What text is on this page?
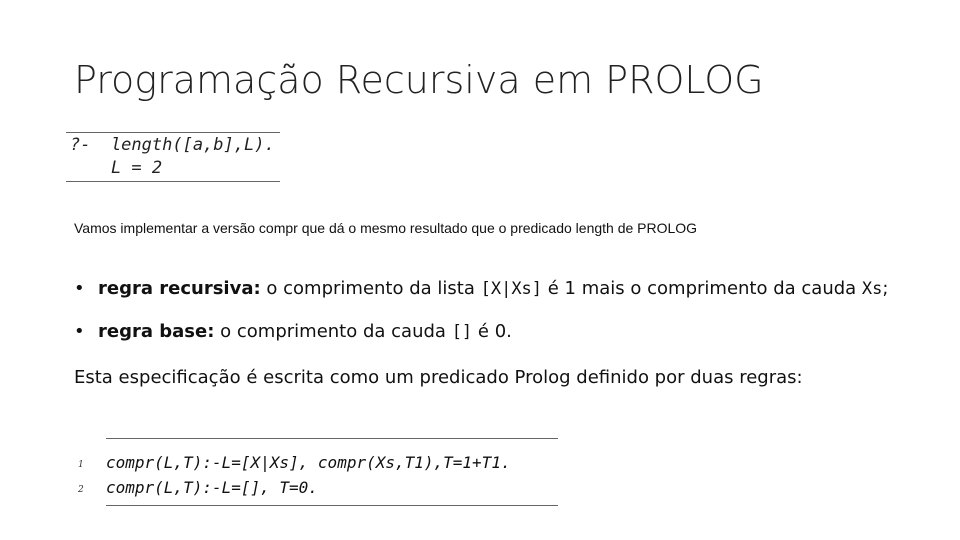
Programação Recursiva em PROLOG
?-  length([a,b],L).
L = 2
Vamos implementar a versão compr que dá o mesmo resultado que o predicado length de PROLOG
• regra recursiva: o comprimento da lista [X|Xs] é 1 mais o comprimento da cauda Xs;
• regra base: o comprimento da cauda [] é 0.
Esta especificação é escrita como um predicado Prolog definido por duas regras:
1 compr(L,T):-L=[X|Xs], compr(Xs,T1),T=1+T1.
2 compr(L,T):-L=[], T=0.
